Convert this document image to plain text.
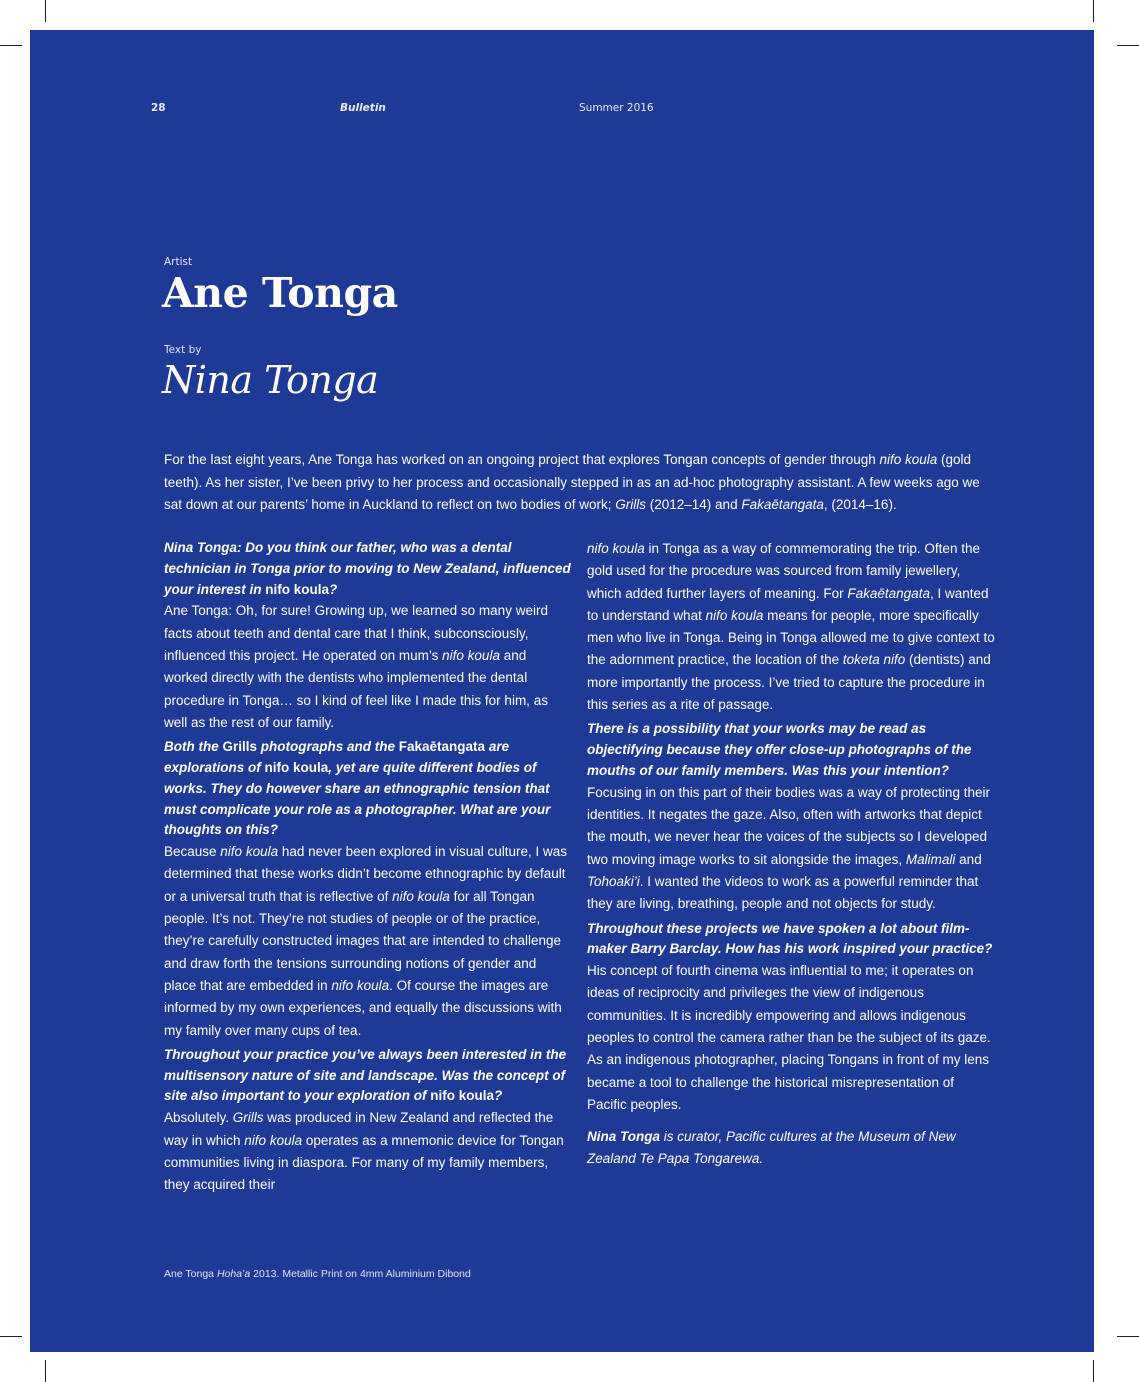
28	Bulletin	Summer 2016
Artist
Ane Tonga
Text by
Nina Tonga

For the last eight years, Ane Tonga has worked on an ongoing project that explores Tongan concepts of gender through nifo koula (gold teeth). As her sister, I’ve been privy to her process and occasionally stepped in as an ad-hoc photography assistant. A few weeks ago we sat down at our parents’ home in Auckland to reflect on two bodies of work; Grills (2012–14) and Fakaētangata, (2014–16).

Nina Tonga: Do you think our father, who was a dental technician in Tonga prior to moving to New Zealand, influenced your interest in nifo koula?

Ane Tonga: Oh, for sure! Growing up, we learned so many weird facts about teeth and dental care that I think, subconsciously, influenced this project. He operated on mum’s nifo koula and worked directly with the dentists who implemented the dental procedure in Tonga… so I kind of feel like I made this for him, as well as the rest of our family.

Both the Grills photographs and the Fakaētangata are explorations of nifo koula, yet are quite different bodies of works. They do however share an ethnographic tension that must complicate your role as a photographer. What are your thoughts on this?

Because nifo koula had never been explored in visual culture, I was determined that these works didn’t become ethnographic by default or a universal truth that is reflective of nifo koula for all Tongan people. It’s not. They’re not studies of people or of the practice, they’re carefully constructed images that are intended to challenge and draw forth the tensions surrounding notions of gender and place that are embedded in nifo koula. Of course the images are informed by my own experiences, and equally the discussions with my family over many cups of tea.

Throughout your practice you’ve always been interested in the multisensory nature of site and landscape. Was the concept of site also important to your exploration of nifo koula?

Absolutely. Grills was produced in New Zealand and reflected the way in which nifo koula operates as a mnemonic device for Tongan communities living in diaspora. For many of my family members, they acquired their

nifo koula in Tonga as a way of commemorating the trip. Often the gold used for the procedure was sourced from family jewellery, which added further layers of meaning. For Fakaētangata, I wanted to understand what nifo koula means for people, more specifically men who live in Tonga. Being in Tonga allowed me to give context to the adornment practice, the location of the toketa nifo (dentists) and more importantly the process. I’ve tried to capture the procedure in this series as a rite of passage.

There is a possibility that your works may be read as objectifying because they offer close-up photographs of the mouths of our family members. Was this your intention?

Focusing in on this part of their bodies was a way of protecting their identities. It negates the gaze. Also, often with artworks that depict the mouth, we never hear the voices of the subjects so I developed two moving image works to sit alongside the images, Malimali and Tohoaki’i. I wanted the videos to work as a powerful reminder that they are living, breathing, people and not objects for study.

Throughout these projects we have spoken a lot about film-maker Barry Barclay. How has his work inspired your practice?

His concept of fourth cinema was influential to me; it operates on ideas of reciprocity and privileges the view of indigenous communities. It is incredibly empowering and allows indigenous peoples to control the camera rather than be the subject of its gaze. As an indigenous photographer, placing Tongans in front of my lens became a tool to challenge the historical misrepresentation of Pacific peoples.

Nina Tonga is curator, Pacific cultures at the Museum of New Zealand Te Papa Tongarewa.

Ane Tonga Hoha’a 2013. Metallic Print on 4mm Aluminium Dibond
